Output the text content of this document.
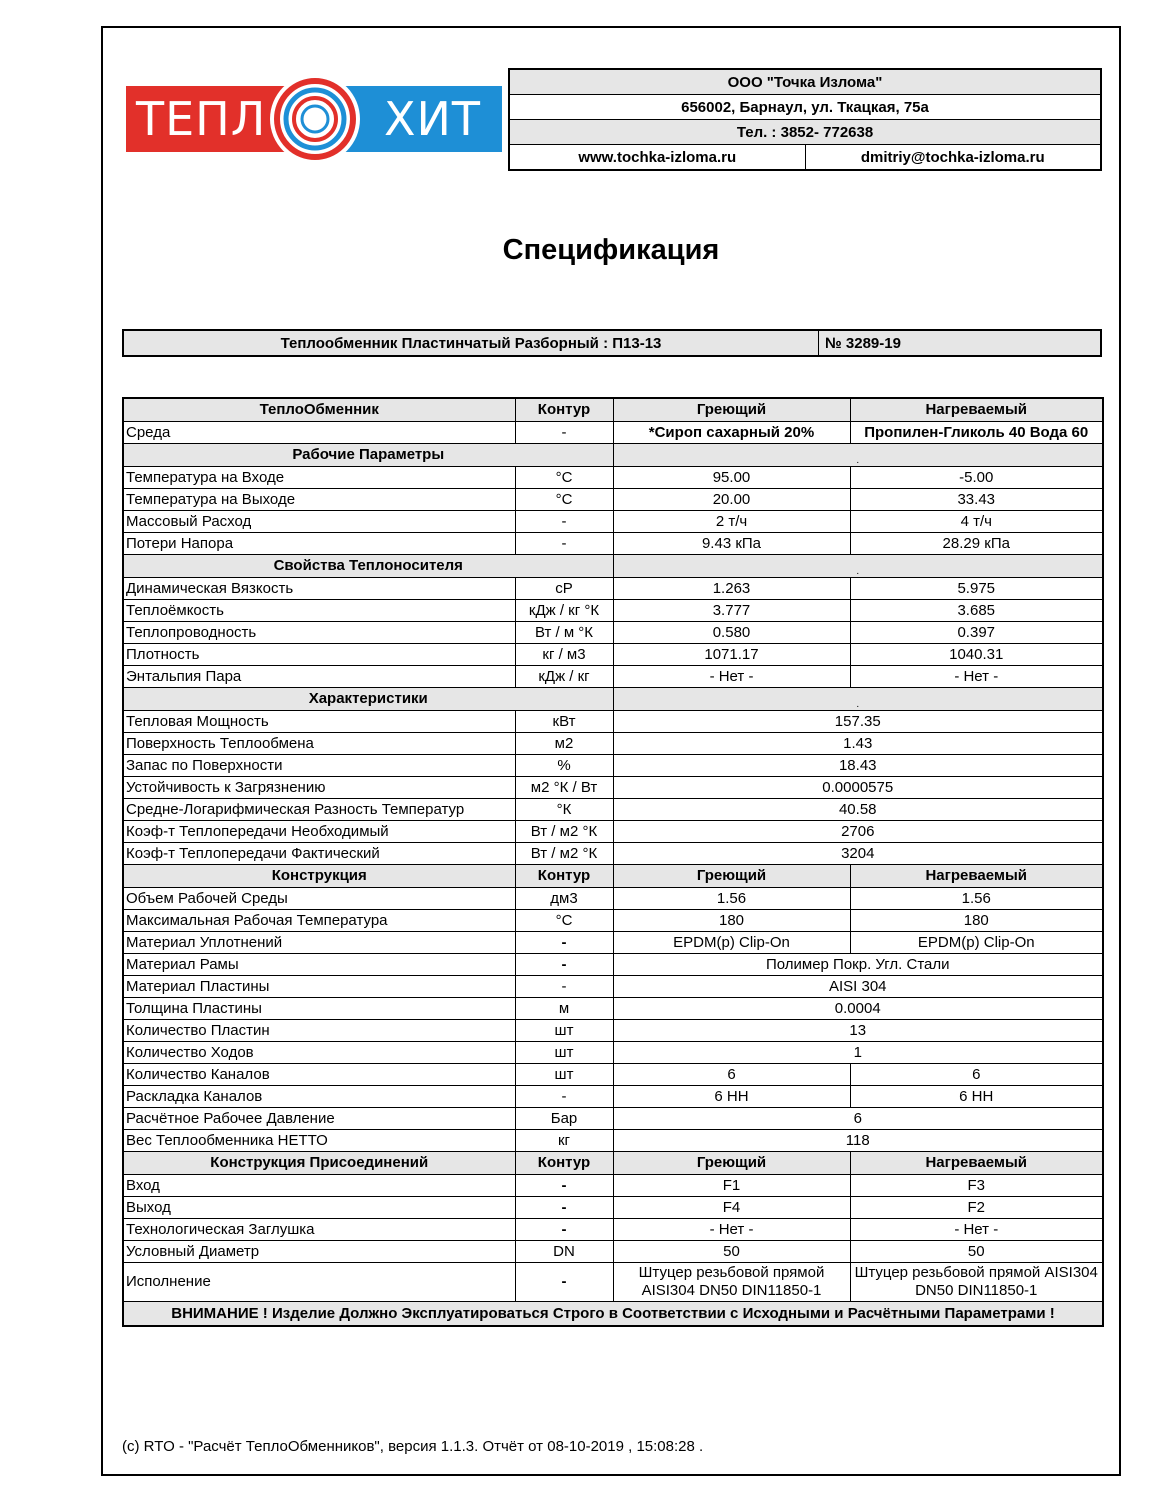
ТЕПЛ	ХИТ
ООО "Точка Излома"
656002, Барнаул, ул. Ткацкая, 75а
Тел. : 3852- 772638
www.tochka-izloma.ru	dmitriy@tochka-izloma.ru
Спецификация
Теплообменник Пластинчатый Разборный : П13-13	№ 3289-19
ТеплоОбменник	Контур	Греющий	Нагреваемый
Среда	-	*Сироп сахарный 20%	Пропилен-Гликоль 40 Вода 60
Рабочие Параметры		.	
Температура на Входе	°C	95.00	-5.00
Температура на Выходе	°C	20.00	33.43
Массовый Расход	-	2 т/ч	4 т/ч
Потери Напора	-	9.43 кПа	28.29 кПа
Свойства Теплоносителя		.	
Динамическая Вязкость	cP	1.263	5.975
Теплоёмкость	кДж / кг °К	3.777	3.685
Теплопроводность	Вт / м °К	0.580	0.397
Плотность	кг / м3	1071.17	1040.31
Энтальпия Пара	кДж / кг	- Нет -	- Нет -
Характеристики		.	
Тепловая Мощность	кВт	157.35	
Поверхность Теплообмена	м2	1.43	
Запас по Поверхности	%	18.43	
Устойчивость к Загрязнению	м2 °К / Вт	0.0000575	
Средне-Логарифмическая Разность Температур	°К	40.58	
Коэф-т Теплопередачи Необходимый	Вт / м2 °К	2706	
Коэф-т Теплопередачи Фактический	Вт / м2 °К	3204	
Конструкция	Контур	Греющий	Нагреваемый
Объем Рабочей Среды	дм3	1.56	1.56
Максимальная Рабочая Температура	°C	180	180
Материал Уплотнений	-	EPDM(p) Clip-On	EPDM(p) Clip-On
Материал Рамы	-	Полимер Покр. Угл. Стали	
Материал Пластины	-	AISI 304	
Толщина Пластины	м	0.0004	
Количество Пластин	шт	13	
Количество Ходов	шт	1	
Количество Каналов	шт	6	6
Раскладка Каналов	-	6 НН	6 НН
Расчётное Рабочее Давление	Бар	6	
Вес Теплообменника НЕТТО	кг	118	
Конструкция Присоединений	Контур	Греющий	Нагреваемый
Вход	-	F1	F3
Выход	-	F4	F2
Технологическая Заглушка	-	- Нет -	- Нет -
Условный Диаметр	DN	50	50
Исполнение	-	Штуцер резьбовой прямой AISI304 DN50 DIN11850-1	Штуцер резьбовой прямой AISI304 DN50 DIN11850-1
ВНИМАНИЕ ! Изделие Должно Эксплуатироваться Строго в Соответствии с Исходными и Расчётными Параметрами !			
(c) RTO - "Расчёт ТеплоОбменников", версия 1.1.3. Отчёт от 08-10-2019 , 15:08:28 .
